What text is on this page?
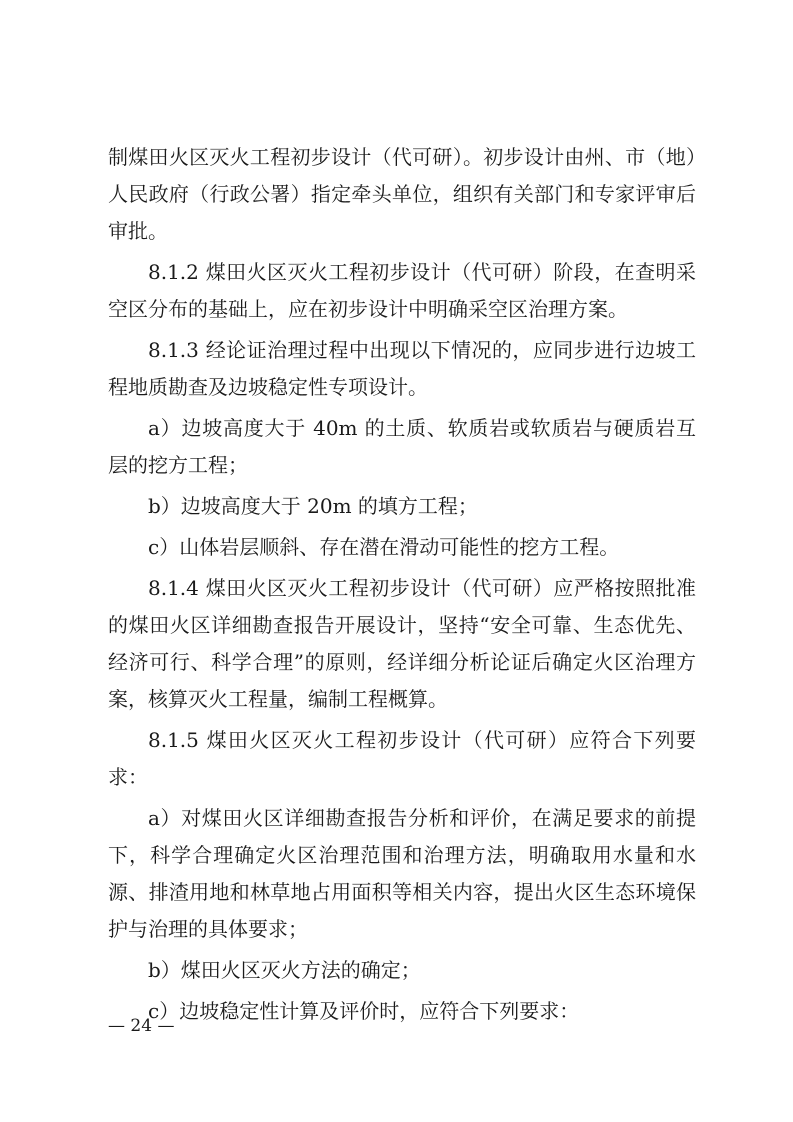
制煤田火区灭火工程初步设计（代可研）。初步设计由州、市（地）人民政府（行政公署）指定牵头单位，组织有关部门和专家评审后审批。

8.1.2 煤田火区灭火工程初步设计（代可研）阶段，在查明采空区分布的基础上，应在初步设计中明确采空区治理方案。

8.1.3 经论证治理过程中出现以下情况的，应同步进行边坡工程地质勘查及边坡稳定性专项设计。

a）边坡高度大于 40m 的土质、软质岩或软质岩与硬质岩互层的挖方工程；

b）边坡高度大于 20m 的填方工程；

c）山体岩层顺斜、存在潜在滑动可能性的挖方工程。

8.1.4 煤田火区灭火工程初步设计（代可研）应严格按照批准的煤田火区详细勘查报告开展设计，坚持“安全可靠、生态优先、经济可行、科学合理”的原则，经详细分析论证后确定火区治理方案，核算灭火工程量，编制工程概算。

8.1.5 煤田火区灭火工程初步设计（代可研）应符合下列要求：

a）对煤田火区详细勘查报告分析和评价，在满足要求的前提下，科学合理确定火区治理范围和治理方法，明确取用水量和水源、排渣用地和林草地占用面积等相关内容，提出火区生态环境保护与治理的具体要求；

b）煤田火区灭火方法的确定；

c）边坡稳定性计算及评价时，应符合下列要求：

— 24 —
